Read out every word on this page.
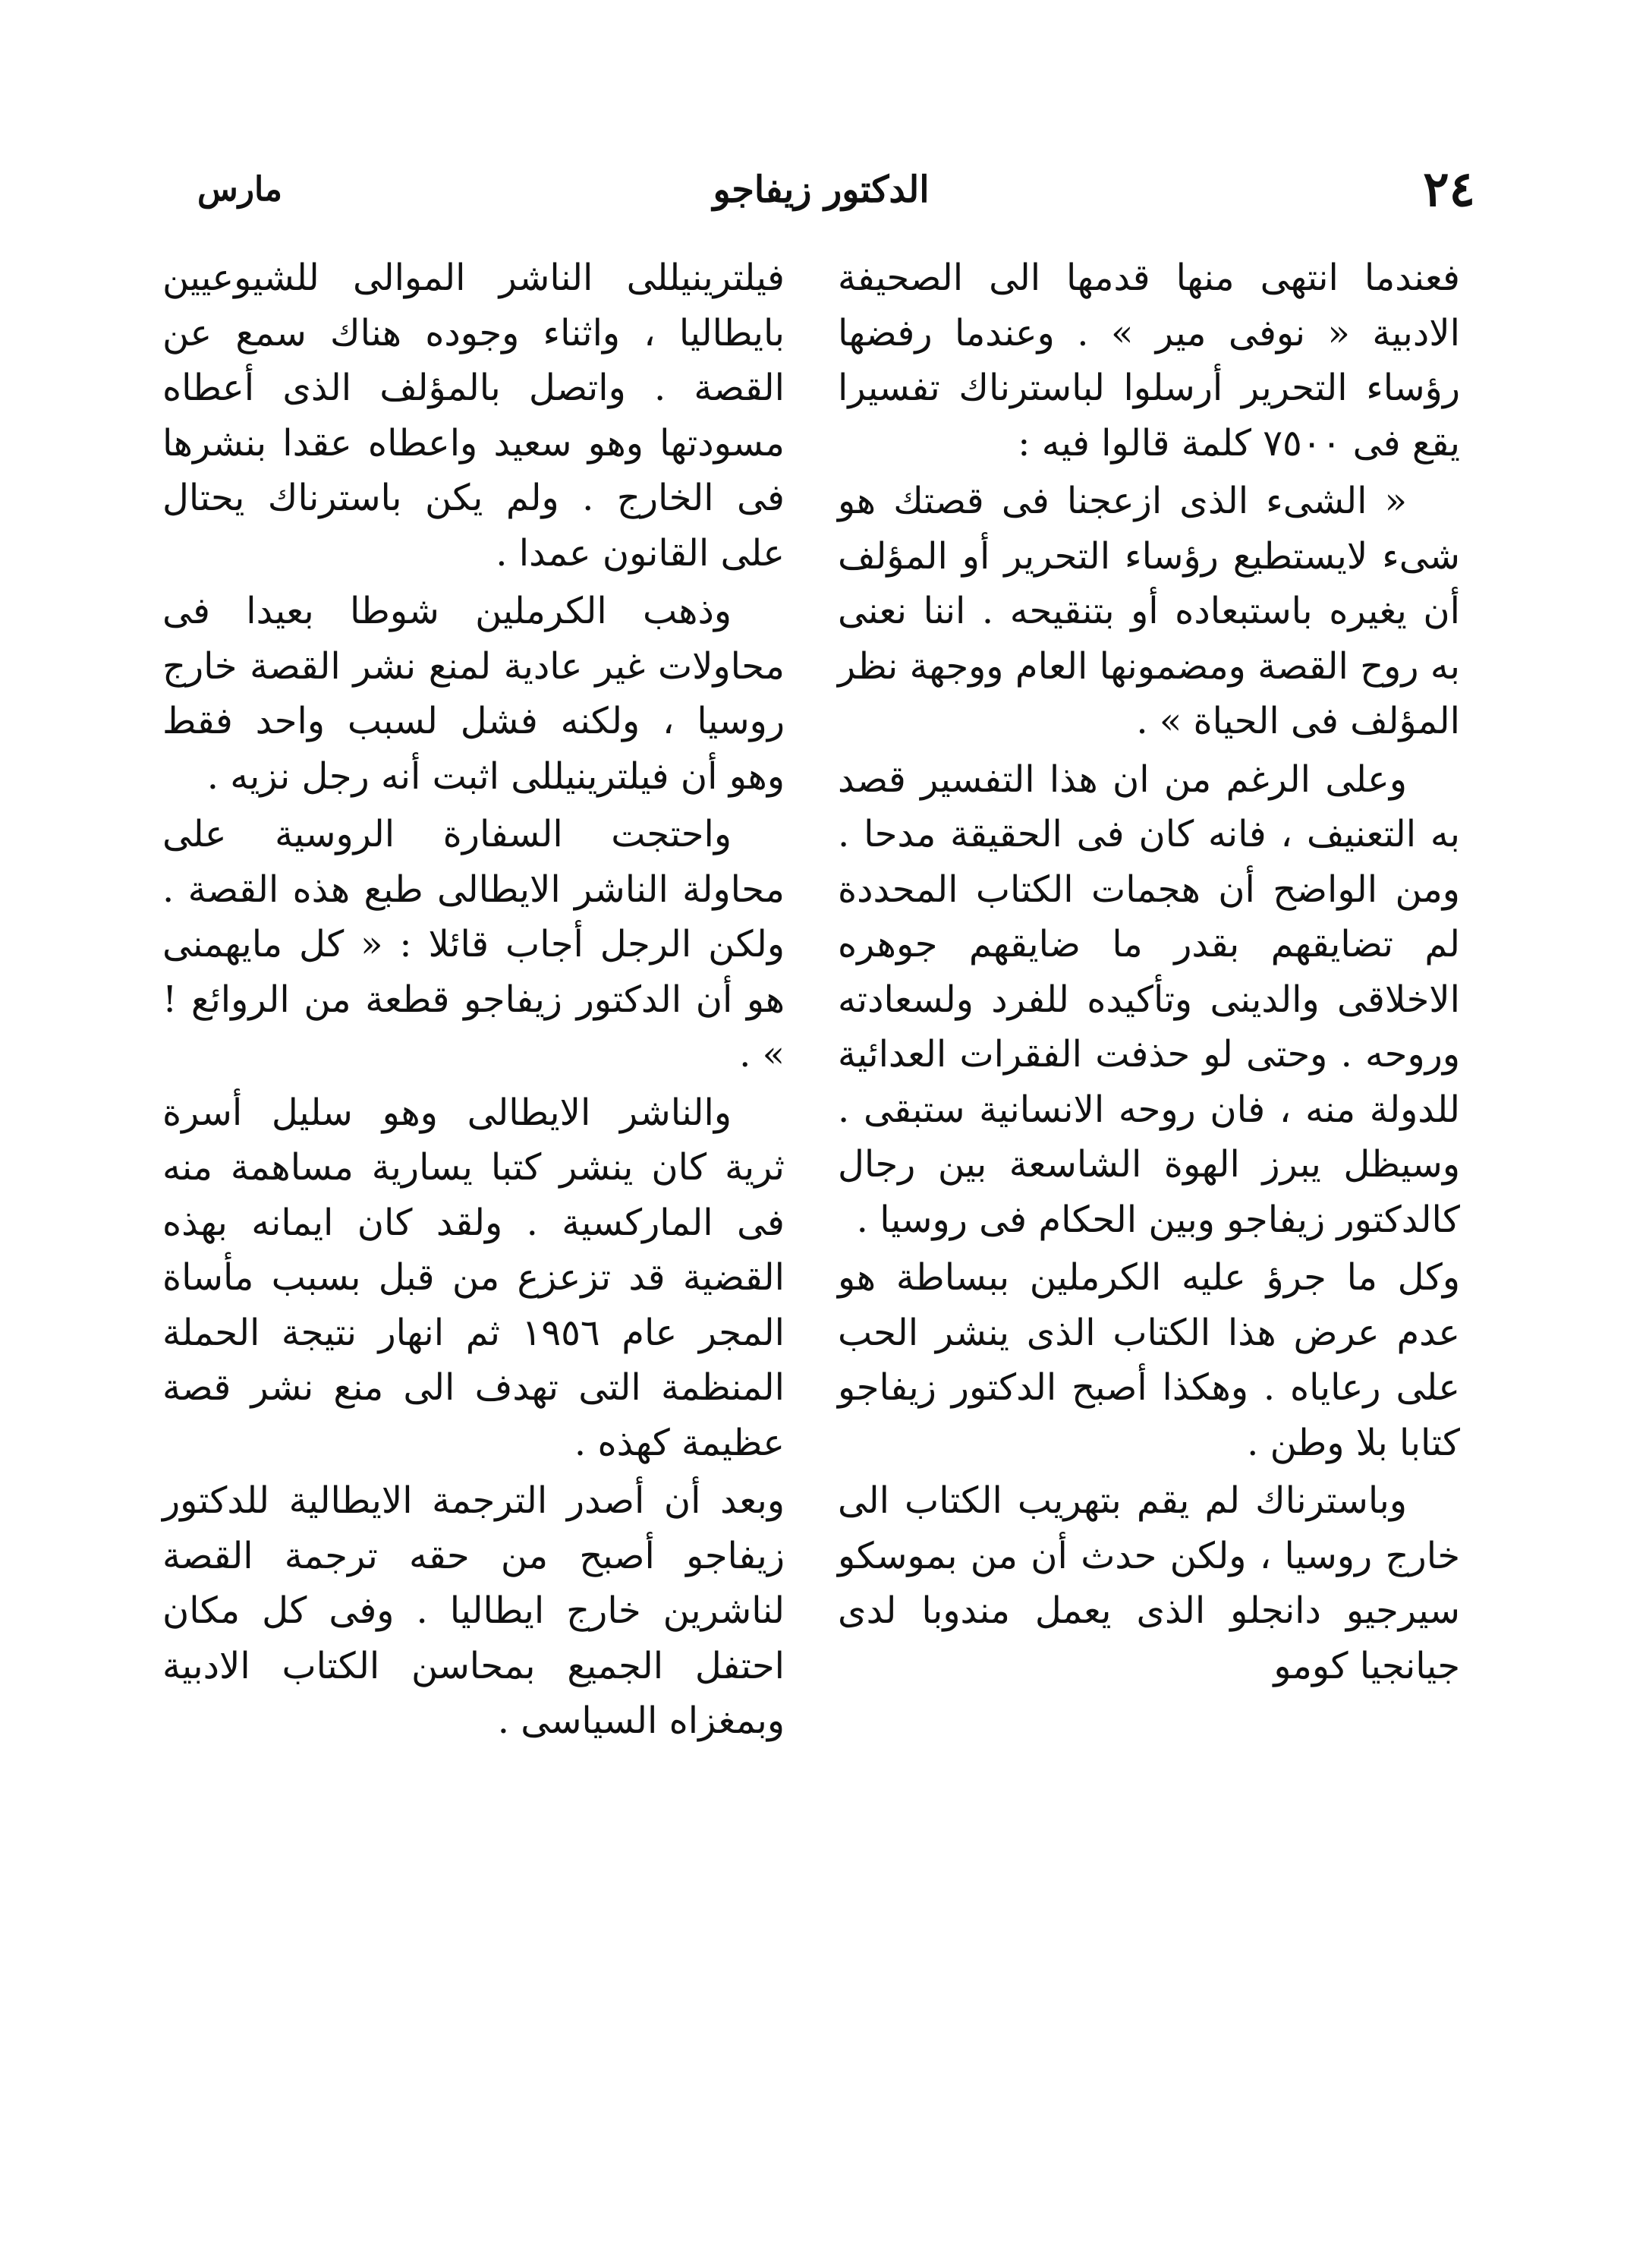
٢٤
الدكتور زيفاجو
مارس

فعندما انتهى منها قدمها الى الصحيفة الادبية « نوفى مير » . وعندما رفضها رؤساء التحرير أرسلوا لباسترناك تفسيرا يقع فى ٧٥٠٠ كلمة قالوا فيه :

« الشىء الذى ازعجنا فى قصتك هو شىء لايستطيع رؤساء التحرير أو المؤلف أن يغيره باستبعاده أو بتنقيحه . اننا نعنى به روح القصة ومضمونها العام ووجهة نظر المؤلف فى الحياة » .

وعلى الرغم من ان هذا التفسير قصد به التعنيف ، فانه كان فى الحقيقة مدحا . ومن الواضح أن هجمات الكتاب المحددة لم تضايقهم بقدر ما ضايقهم جوهره الاخلاقى والدينى وتأكيده للفرد ولسعادته وروحه . وحتى لو حذفت الفقرات العدائية للدولة منه ، فان روحه الانسانية ستبقى . وسيظل يبرز الهوة الشاسعة بين رجال كالدكتور زيفاجو وبين الحكام فى روسيا .

وكل ما جرؤ عليه الكرملين ببساطة هو عدم عرض هذا الكتاب الذى ينشر الحب على رعاياه . وهكذا أصبح الدكتور زيفاجو كتابا بلا وطن .

وباسترناك لم يقم بتهريب الكتاب الى خارج روسيا ، ولكن حدث أن من بموسكو سيرجيو دانجلو الذى يعمل مندوبا لدى جيانجيا كومو

فيلترينيللى الناشر الموالى للشيوعيين بايطاليا ، واثناء وجوده هناك سمع عن القصة . واتصل بالمؤلف الذى أعطاه مسودتها وهو سعيد واعطاه عقدا بنشرها فى الخارج . ولم يكن باسترناك يحتال على القانون عمدا .

وذهب الكرملين شوطا بعيدا فى محاولات غير عادية لمنع نشر القصة خارج روسيا ، ولكنه فشل لسبب واحد فقط وهو أن فيلترينيللى اثبت أنه رجل نزيه .

واحتجت السفارة الروسية على محاولة الناشر الايطالى طبع هذه القصة . ولكن الرجل أجاب قائلا : « كل مايهمنى هو أن الدكتور زيفاجو قطعة من الروائع ! » .

والناشر الايطالى وهو سليل أسرة ثرية كان ينشر كتبا يسارية مساهمة منه فى الماركسية . ولقد كان ايمانه بهذه القضية قد تزعزع من قبل بسبب مأساة المجر عام ١٩٥٦ ثم انهار نتيجة الحملة المنظمة التى تهدف الى منع نشر قصة عظيمة كهذه .

وبعد أن أصدر الترجمة الايطالية للدكتور زيفاجو أصبح من حقه ترجمة القصة لناشرين خارج ايطاليا . وفى كل مكان احتفل الجميع بمحاسن الكتاب الادبية وبمغزاه السياسى .
